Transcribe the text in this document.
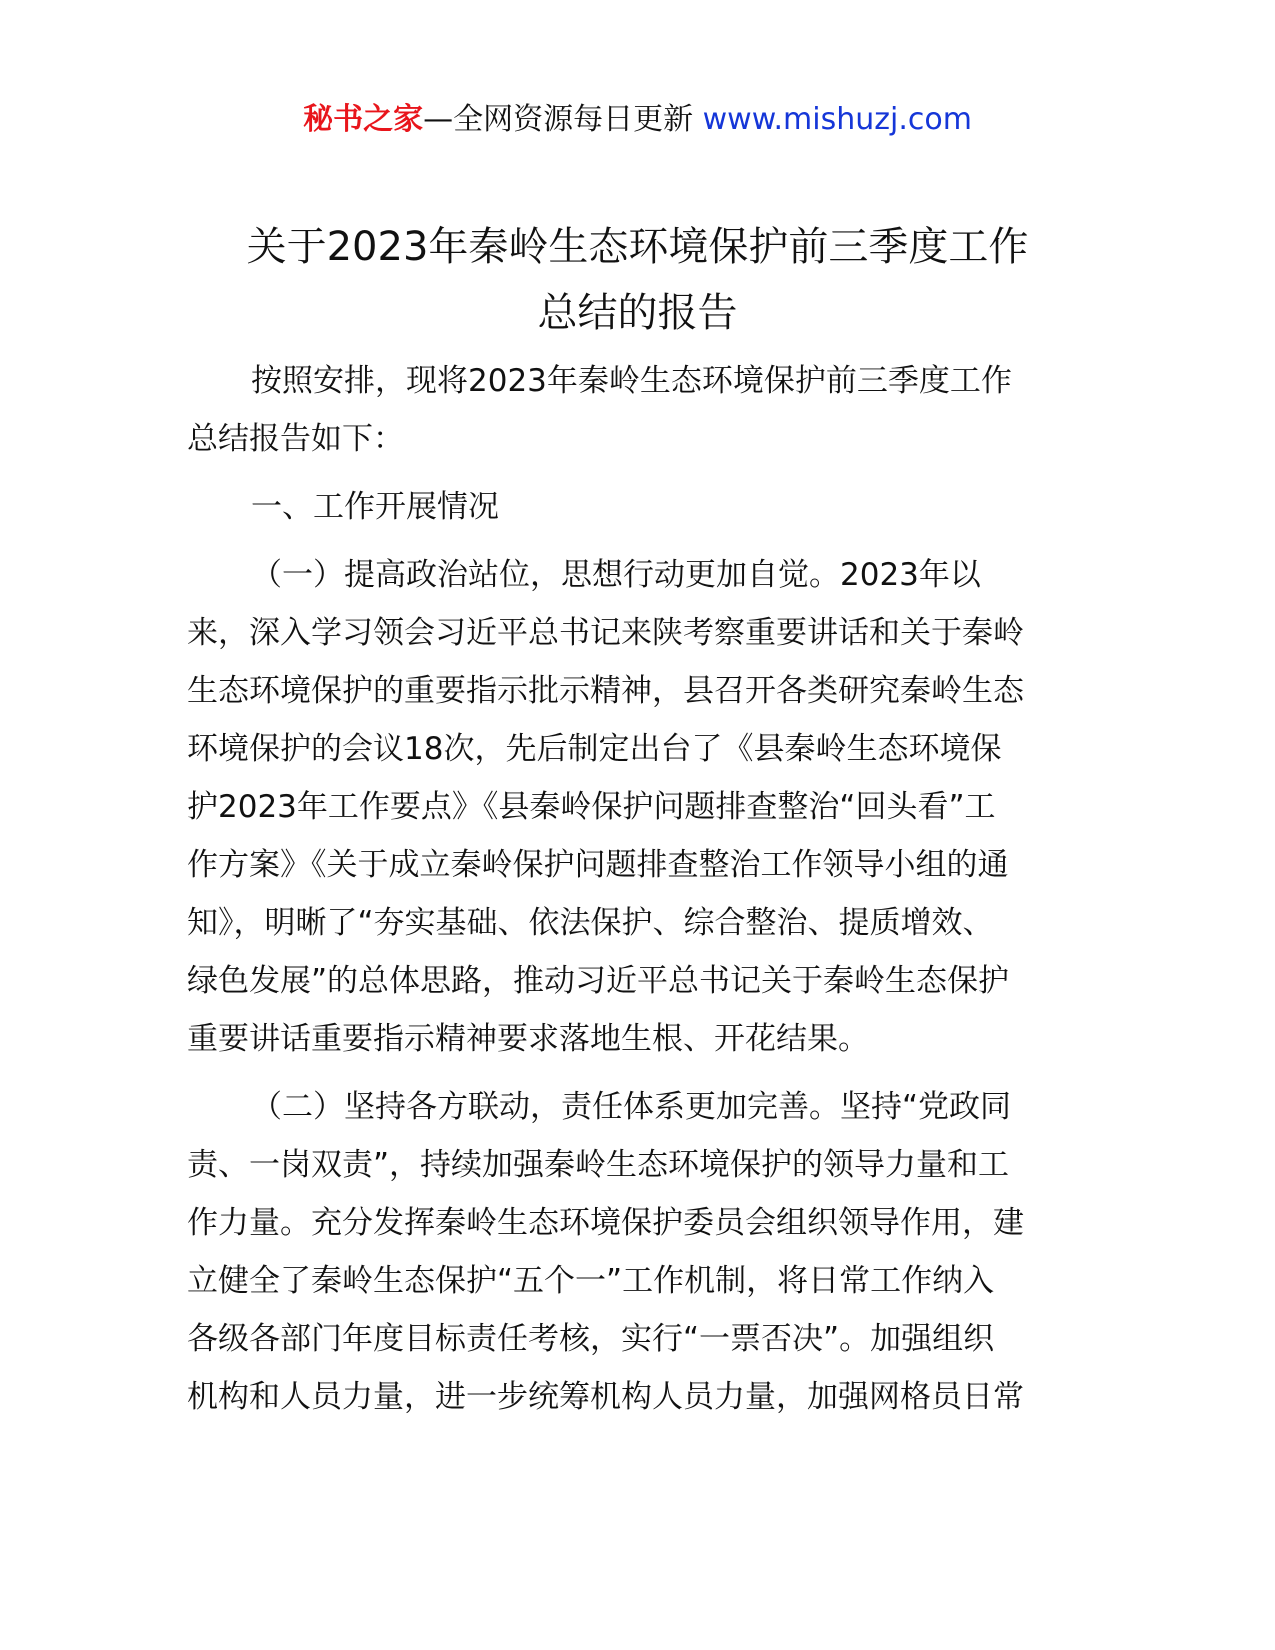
秘书之家—全网资源每日更新 www.mishuzj.com
关于2023年秦岭生态环境保护前三季度工作
总结的报告
按照安排，现将2023年秦岭生态环境保护前三季度工作
总结报告如下：
一、工作开展情况
（一）提高政治站位，思想行动更加自觉。2023年以
来，深入学习领会习近平总书记来陕考察重要讲话和关于秦岭
生态环境保护的重要指示批示精神，县召开各类研究秦岭生态
环境保护的会议18次，先后制定出台了《县秦岭生态环境保
护2023年工作要点》《县秦岭保护问题排查整治“回头看”工
作方案》《关于成立秦岭保护问题排查整治工作领导小组的通
知》，明晰了“夯实基础、依法保护、综合整治、提质增效、
绿色发展”的总体思路，推动习近平总书记关于秦岭生态保护
重要讲话重要指示精神要求落地生根、开花结果。
（二）坚持各方联动，责任体系更加完善。坚持“党政同
责、一岗双责”，持续加强秦岭生态环境保护的领导力量和工
作力量。充分发挥秦岭生态环境保护委员会组织领导作用，建
立健全了秦岭生态保护“五个一”工作机制，将日常工作纳入
各级各部门年度目标责任考核，实行“一票否决”。加强组织
机构和人员力量，进一步统筹机构人员力量，加强网格员日常
